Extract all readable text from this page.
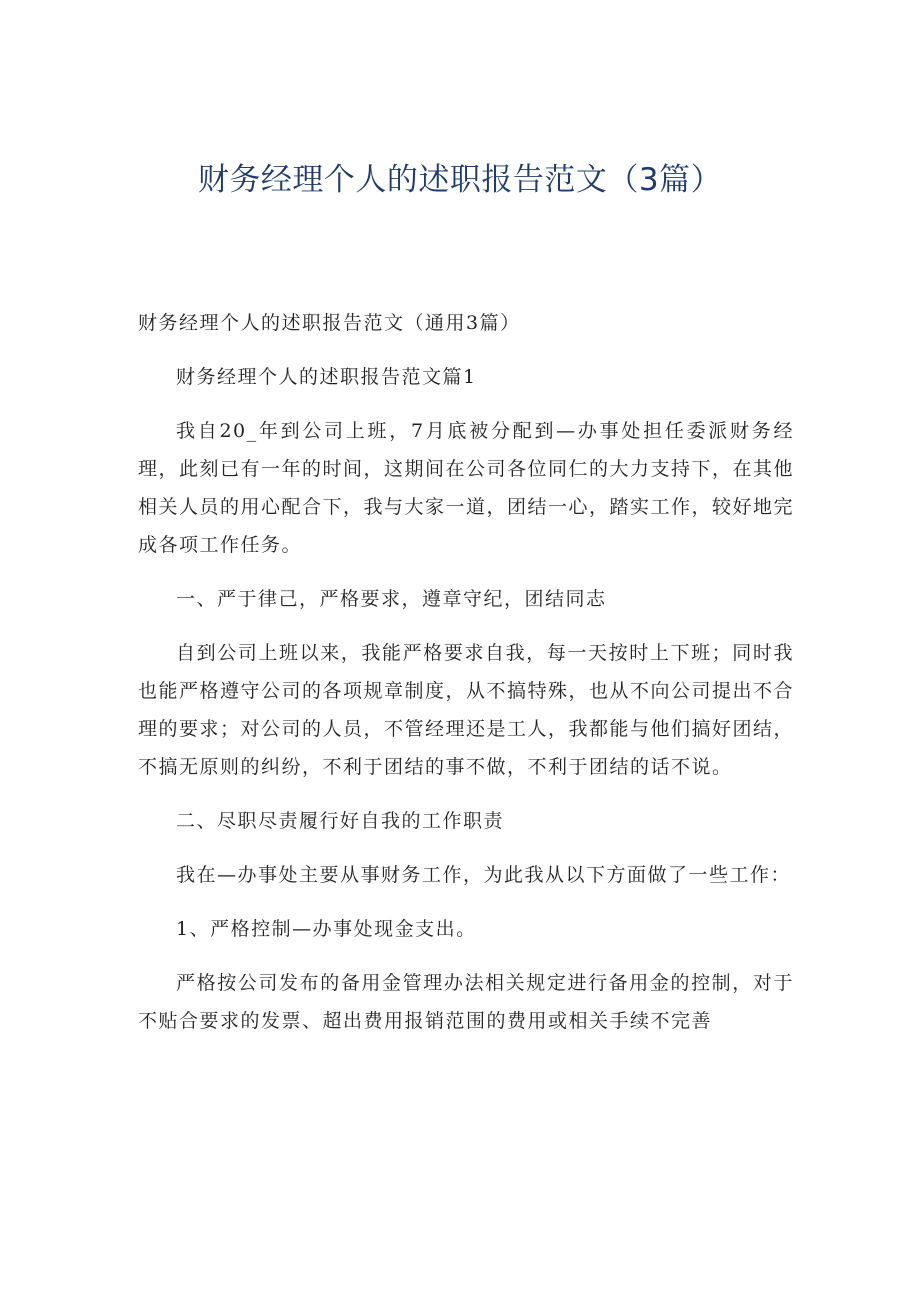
财务经理个人的述职报告范文（3篇）

财务经理个人的述职报告范文（通用3篇）

财务经理个人的述职报告范文篇1

我自20_年到公司上班，7月底被分配到—办事处担任委派财务经理，此刻已有一年的时间，这期间在公司各位同仁的大力支持下，在其他相关人员的用心配合下，我与大家一道，团结一心，踏实工作，较好地完成各项工作任务。

一、严于律己，严格要求，遵章守纪，团结同志

自到公司上班以来，我能严格要求自我，每一天按时上下班；同时我也能严格遵守公司的各项规章制度，从不搞特殊，也从不向公司提出不合理的要求；对公司的人员，不管经理还是工人，我都能与他们搞好团结，不搞无原则的纠纷，不利于团结的事不做，不利于团结的话不说。

二、尽职尽责履行好自我的工作职责

我在—办事处主要从事财务工作，为此我从以下方面做了一些工作：

1、严格控制—办事处现金支出。

严格按公司发布的备用金管理办法相关规定进行备用金的控制，对于不贴合要求的发票、超出费用报销范围的费用或相关手续不完善
